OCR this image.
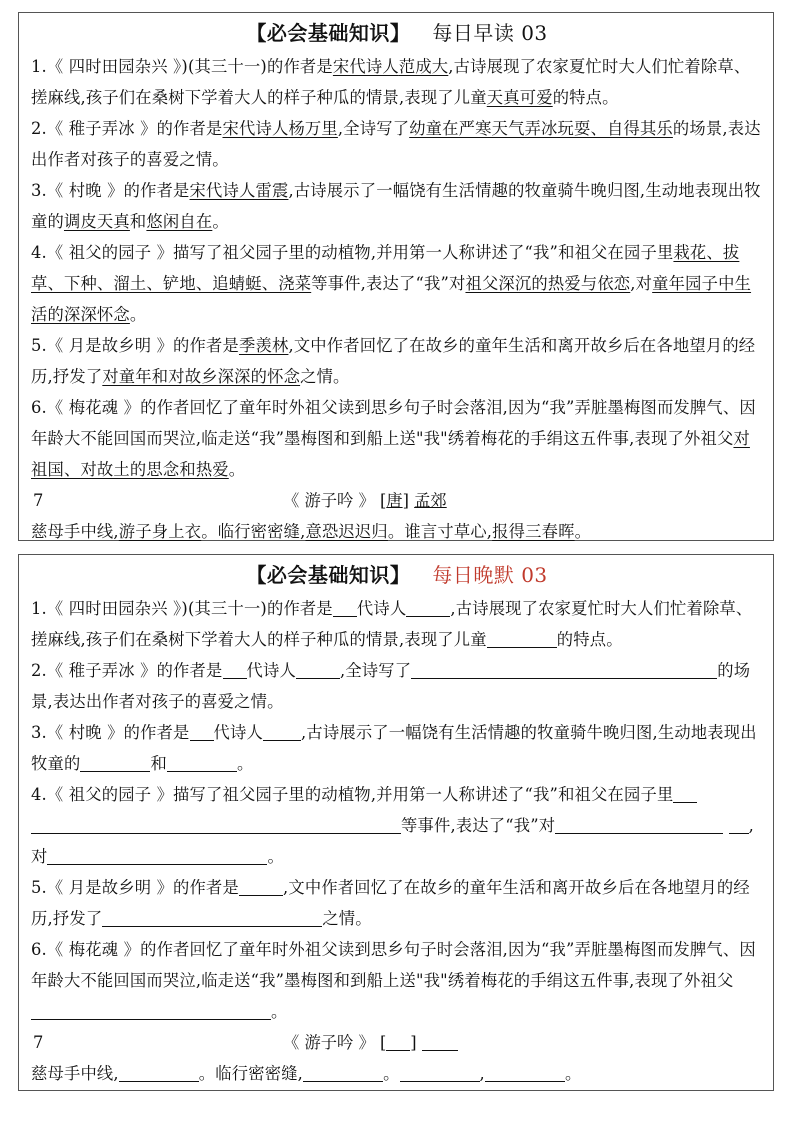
【必会基础知识】 每日早读 03
1.《 四时田园杂兴 》)(其三十一)的作者是宋代诗人范成大,古诗展现了农家夏忙时大人们忙着除草、搓麻线,孩子们在桑树下学着大人的样子种瓜的情景,表现了儿童天真可爱的特点。
2.《 稚子弄冰 》的作者是宋代诗人杨万里,全诗写了幼童在严寒天气弄冰玩耍、自得其乐的场景,表达出作者对孩子的喜爱之情。
3.《 村晚 》的作者是宋代诗人雷震,古诗展示了一幅饶有生活情趣的牧童骑牛晚归图,生动地表现出牧童的调皮天真和悠闲自在。
4.《 祖父的园子 》描写了祖父园子里的动植物,并用第一人称讲述了“我”和祖父在园子里栽花、拔草、下种、溜土、铲地、追蜻蜓、浇菜等事件,表达了“我”对祖父深沉的热爱与依恋,对童年园子中生活的深深怀念。
5.《 月是故乡明 》的作者是季羡林,文中作者回忆了在故乡的童年生活和离开故乡后在各地望月的经历,抒发了对童年和对故乡深深的怀念之情。
6.《 梅花魂 》的作者回忆了童年时外祖父读到思乡句子时会落泪,因为“我”弄脏墨梅图而发脾气、因年龄大不能回国而哭泣,临走送“我”墨梅图和到船上送"我"绣着梅花的手绢这五件事,表现了外祖父对祖国、对故土的思念和热爱。
7	《 游子吟 》 [唐] 孟郊
慈母手中线,游子身上衣。临行密密缝,意恐迟迟归。谁言寸草心,报得三春晖。
【必会基础知识】 每日晚默 03
1.《 四时田园杂兴 》)(其三十一)的作者是 代诗人	,古诗展现了农家夏忙时大人们忙着除草、搓麻线,孩子们在桑树下学着大人的样子种瓜的情景,表现了儿童	的特点。
2.《 稚子弄冰 》的作者是 代诗人	,全诗写了	的场景,表达出作者对孩子的喜爱之情。
3.《 村晚 》的作者是 代诗人 ,古诗展示了一幅饶有生活情趣的牧童骑牛晚归图,生动地表现出牧童的	和	。
4.《 祖父的园子 》描写了祖父园子里的动植物,并用第一人称讲述了“我”和祖父在园子里 等事件,表达了“我”对	,对	。
5.《 月是故乡明 》的作者是	,文中作者回忆了在故乡的童年生活和离开故乡后在各地望月的经历,抒发了	之情。
6.《 梅花魂 》的作者回忆了童年时外祖父读到思乡句子时会落泪,因为“我”弄脏墨梅图而发脾气、因年龄大不能回国而哭泣,临走送“我”墨梅图和到船上送"我"绣着梅花的手绢这五件事,表现了外祖父。
7	《 游子吟 》 [ ]
慈母手中线,	。临行密密缝,	。	,	。
